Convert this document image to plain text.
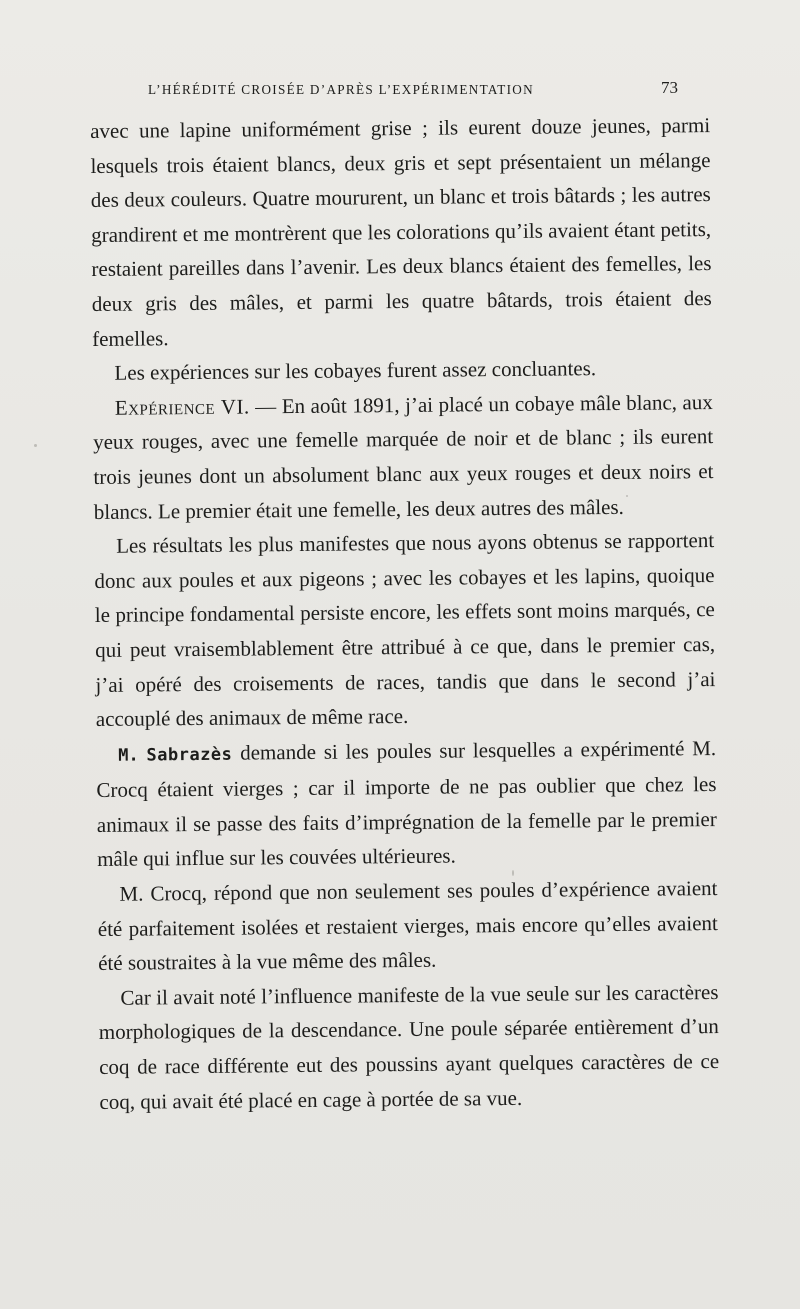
L’HÉRÉDITÉ CROISÉE D’APRÈS L’EXPÉRIMENTATION	73

avec une lapine uniformément grise ; ils eurent douze jeunes, parmi lesquels trois étaient blancs, deux gris et sept présentaient un mélange des deux couleurs. Quatre moururent, un blanc et trois bâtards ; les autres grandirent et me montrèrent que les colorations qu’ils avaient étant petits, restaient pareilles dans l’avenir. Les deux blancs étaient des femelles, les deux gris des mâles, et parmi les quatre bâtards, trois étaient des femelles.

Les expériences sur les cobayes furent assez concluantes.

Expérience VI. — En août 1891, j’ai placé un cobaye mâle blanc, aux yeux rouges, avec une femelle marquée de noir et de blanc ; ils eurent trois jeunes dont un absolument blanc aux yeux rouges et deux noirs et blancs. Le premier était une femelle, les deux autres des mâles.

Les résultats les plus manifestes que nous ayons obtenus se rapportent donc aux poules et aux pigeons ; avec les cobayes et les lapins, quoique le principe fondamental persiste encore, les effets sont moins marqués, ce qui peut vraisemblablement être attribué à ce que, dans le premier cas, j’ai opéré des croisements de races, tandis que dans le second j’ai accouplé des animaux de même race.

M. Sabrazès demande si les poules sur lesquelles a expérimenté M. Crocq étaient vierges ; car il importe de ne pas oublier que chez les animaux il se passe des faits d’imprégnation de la femelle par le premier mâle qui influe sur les couvées ultérieures.

M. Crocq, répond que non seulement ses poules d’expérience avaient été parfaitement isolées et restaient vierges, mais encore qu’elles avaient été soustraites à la vue même des mâles.

Car il avait noté l’influence manifeste de la vue seule sur les caractères morphologiques de la descendance. Une poule séparée entièrement d’un coq de race différente eut des poussins ayant quelques caractères de ce coq, qui avait été placé en cage à portée de sa vue.
